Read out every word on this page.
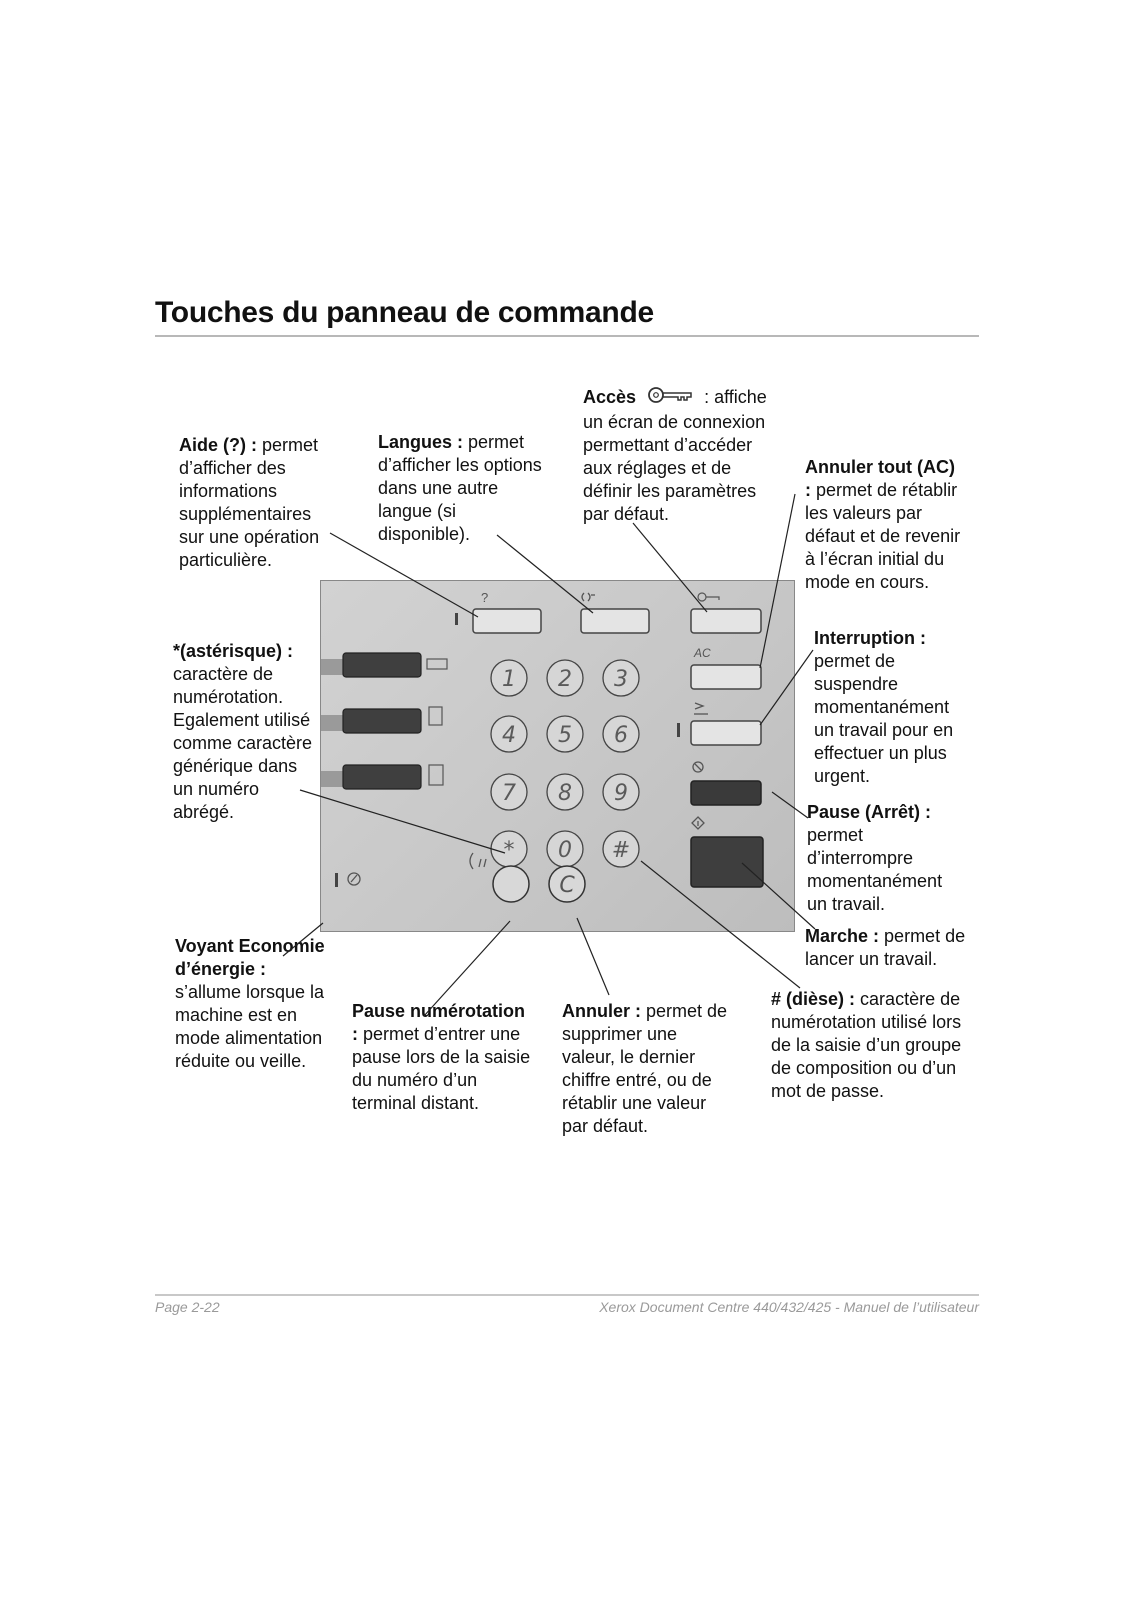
Touches du panneau de commande
Aide (?) : permet d’afficher des informations supplémentaires sur une opération particulière.
Langues : permet d’afficher les options dans une autre langue (si disponible).
Accès	: affiche un écran de connexion permettant d’accéder aux réglages et de définir les paramètres par défaut.
Annuler tout (AC) : permet de rétablir les valeurs par défaut et de revenir à l’écran initial du mode en cours.
*(astérisque) : caractère de numérotation. Egalement utilisé comme caractère générique dans un numéro abrégé.
Interruption : permet de suspendre momentanément un travail pour en effectuer un plus urgent.
Pause (Arrêt) : permet d’interrompre momentanément un travail.
Marche : permet de lancer un travail.
Voyant Economie d’énergie : s’allume lorsque la machine est en mode alimentation réduite ou veille.
Pause numérotation : permet d’entrer une pause lors de la saisie du numéro d’un terminal distant.
Annuler : permet de supprimer une valeur, le dernier chiffre entré, ou de rétablir une valeur par défaut.
# (dièse) : caractère de numérotation utilisé lors de la saisie d’un groupe de composition ou d’un mot de passe.
?
AC
1 2 3
4 5 6
7 8 9
* 0 #
C
Page 2-22	Xerox Document Centre 440/432/425 - Manuel de l’utilisateur
